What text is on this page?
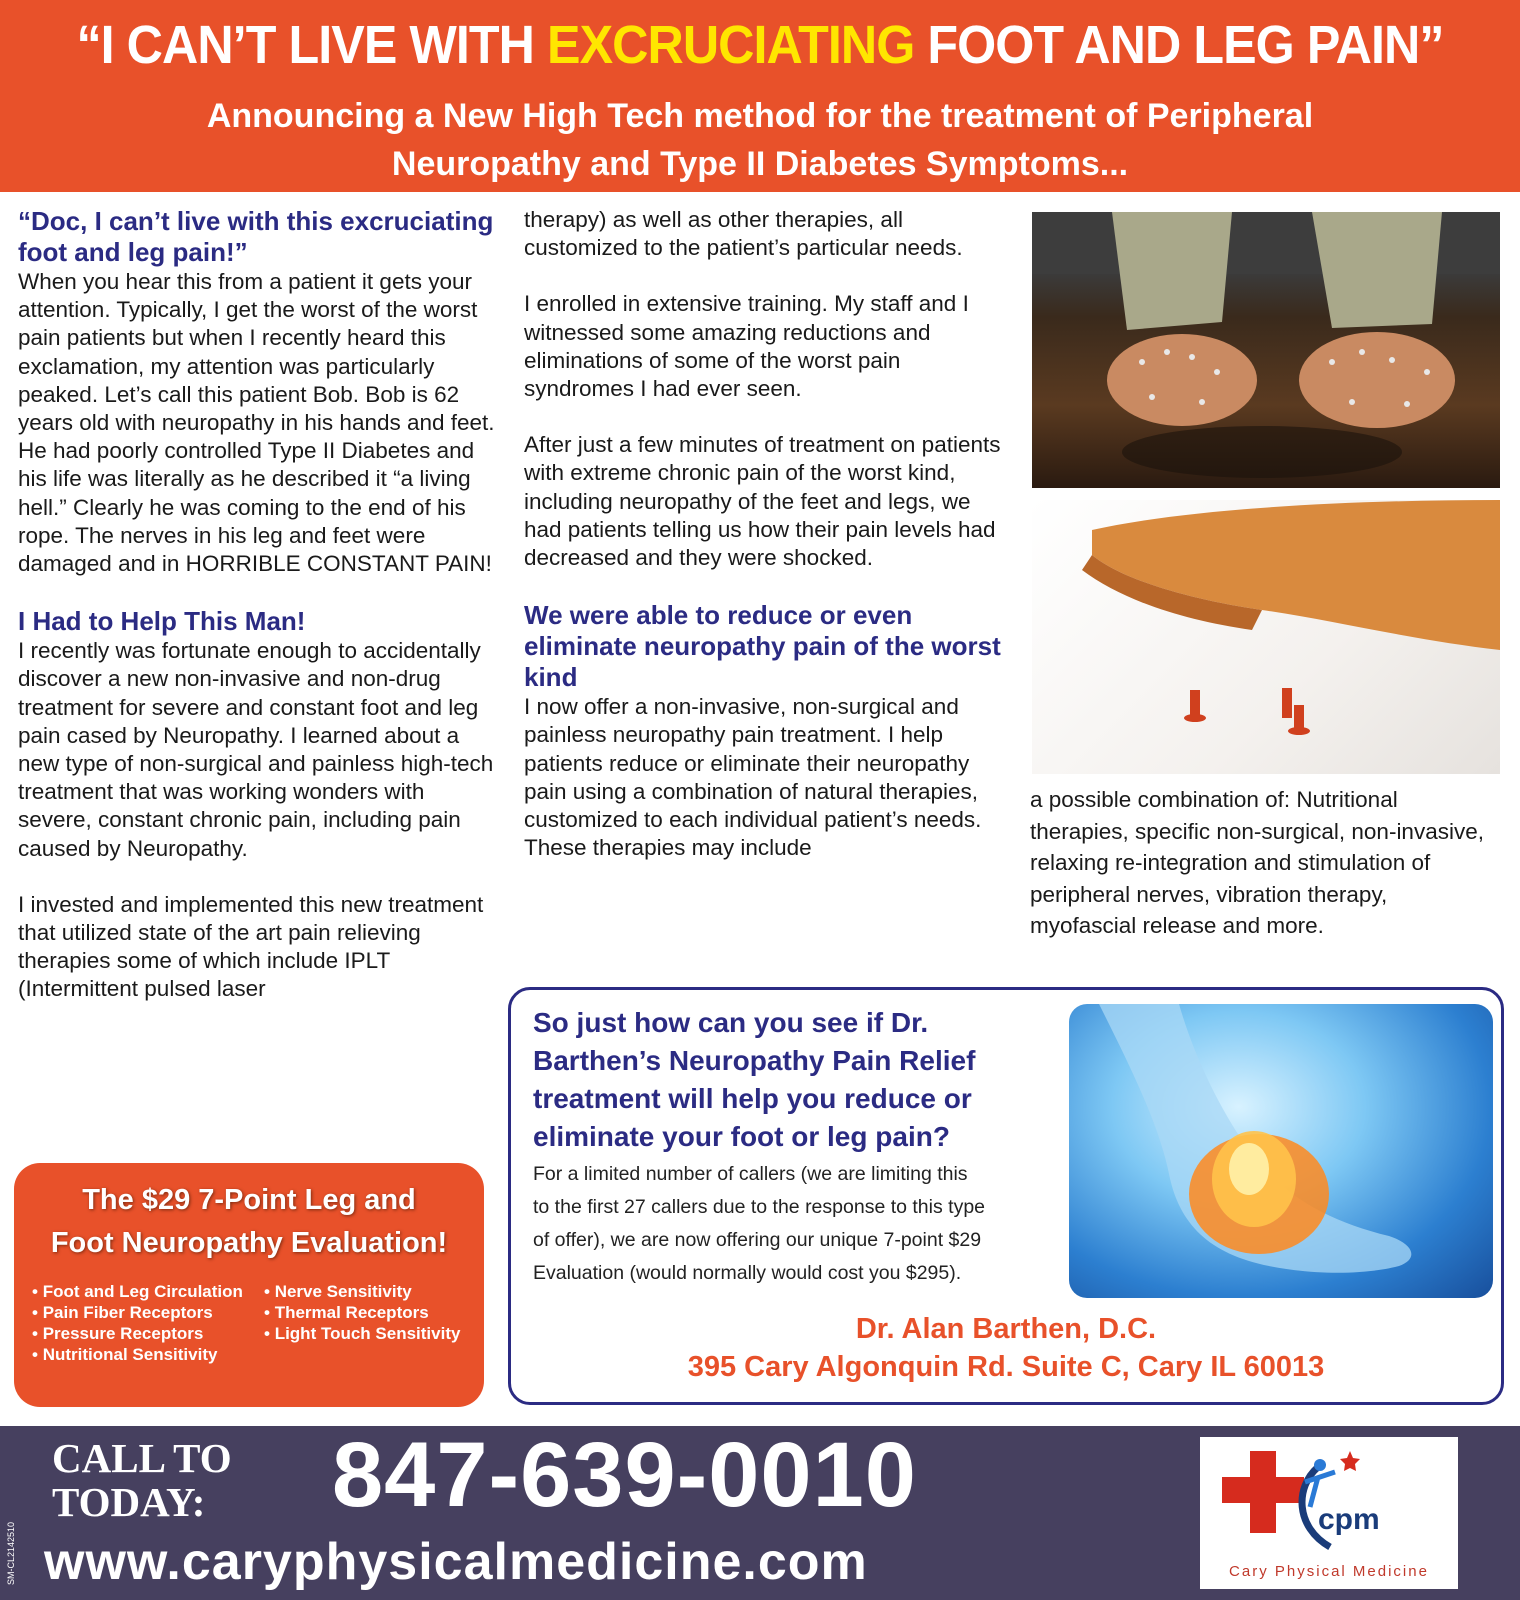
“I CAN’T LIVE WITH EXCRUCIATING FOOT AND LEG PAIN”
Announcing a New High Tech method for the treatment of Peripheral
Neuropathy and Type II Diabetes Symptoms...

“Doc, I can’t live with this excruciating foot and leg pain!”

When you hear this from a patient it gets your attention. Typically, I get the worst of the worst pain patients but when I recently heard this exclamation, my attention was particularly peaked. Let’s call this patient Bob. Bob is 62 years old with neuropathy in his hands and feet. He had poorly controlled Type II Diabetes and his life was literally as he described it “a living hell.” Clearly he was coming to the end of his rope. The nerves in his leg and feet were damaged and in HORRIBLE CONSTANT PAIN!

I Had to Help This Man!

I recently was fortunate enough to accidentally discover a new non-invasive and non-drug treatment for severe and constant foot and leg pain cased by Neuropathy. I learned about a new type of non-surgical and painless high-tech treatment that was working wonders with severe, constant chronic pain, including pain caused by Neuropathy.

I invested and implemented this new treatment that utilized state of the art pain relieving therapies some of which include IPLT (Intermittent pulsed laser

therapy) as well as other therapies, all customized to the patient’s particular needs.

I enrolled in extensive training. My staff and I witnessed some amazing reductions and eliminations of some of the worst pain syndromes I had ever seen.

After just a few minutes of treatment on patients with extreme chronic pain of the worst kind, including neuropathy of the feet and legs, we had patients telling us how their pain levels had decreased and they were shocked.

We were able to reduce or even eliminate neuropathy pain of the worst kind

I now offer a non-invasive, non-surgical and painless neuropathy pain treatment. I help patients reduce or eliminate their neuropathy pain using a combination of natural therapies, customized to each individual patient’s needs. These therapies may include

a possible combination of: Nutritional therapies, specific non-surgical, non-invasive, relaxing re-integration and stimulation of peripheral nerves, vibration therapy, myofascial release and more.

The $29 7-Point Leg and
Foot Neuropathy Evaluation!
• Foot and Leg Circulation
• Pain Fiber Receptors
• Pressure Receptors
• Nutritional Sensitivity
• Nerve Sensitivity
• Thermal Receptors
• Light Touch Sensitivity
So just how can you see if Dr.
Barthen’s Neuropathy Pain Relief
treatment will help you reduce or
eliminate your foot or leg pain?
For a limited number of callers (we are limiting this
to the first 27 callers due to the response to this type
of offer), we are now offering our unique 7-point $29
Evaluation (would normally would cost you $295).
Dr. Alan Barthen, D.C.
395 Cary Algonquin Rd. Suite C, Cary IL 60013
CALL TO
TODAY: 847-639-0010
www.caryphysicalmedicine.com
SM-CL2142510
cpm
Cary Physical Medicine
